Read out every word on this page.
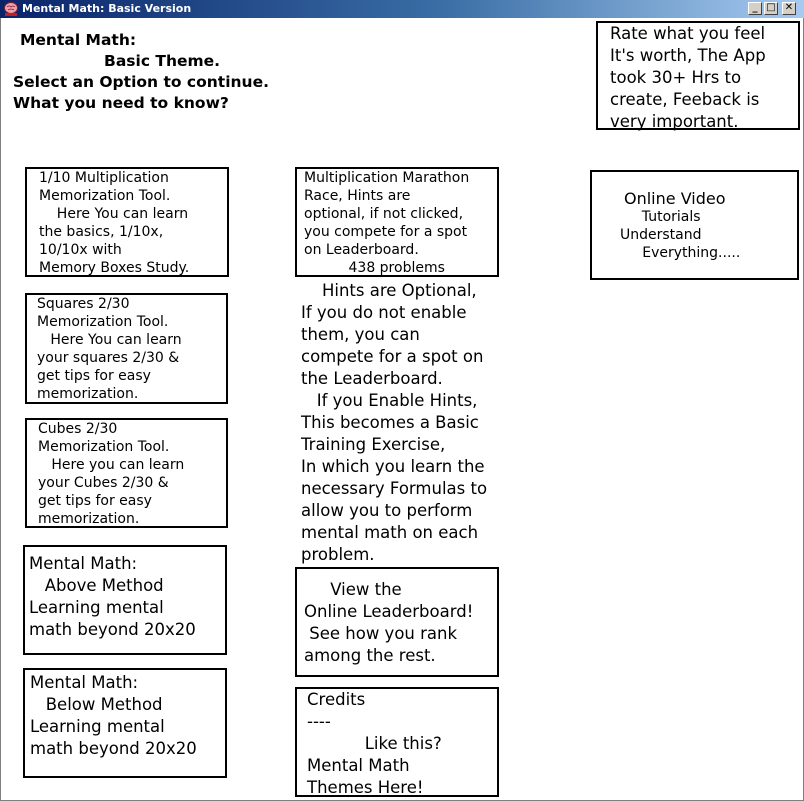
Mental Math: Basic Version	_ □ ✕
Mental Math:
Basic Theme.
Select an Option to continue.
What you need to know?
Rate what you feel
It's worth, The App
took 30+ Hrs to
create, Feeback is
very important.
1/10 Multiplication
Memorization Tool.
Here You can learn
the basics, 1/10x,
10/10x with
Memory Boxes Study.
Squares 2/30
Memorization Tool.
Here You can learn
your squares 2/30 &
get tips for easy
memorization.
Cubes 2/30
Memorization Tool.
Here you can learn
your Cubes 2/30 &
get tips for easy
memorization.
Mental Math:
Above Method
Learning mental
math beyond 20x20
Mental Math:
Below Method
Learning mental
math beyond 20x20
Multiplication Marathon
Race, Hints are
optional, if not clicked,
you compete for a spot
on Leaderboard.
438 problems
Hints are Optional,
If you do not enable
them, you can
compete for a spot on
the Leaderboard.
If you Enable Hints,
This becomes a Basic
Training Exercise,
In which you learn the
necessary Formulas to
allow you to perform
mental math on each
problem.
View the
Online Leaderboard!
See how you rank
among the rest.
Credits
----
Like this?
Mental Math
Themes Here!
Online Video
Tutorials
Understand
Everything.....
